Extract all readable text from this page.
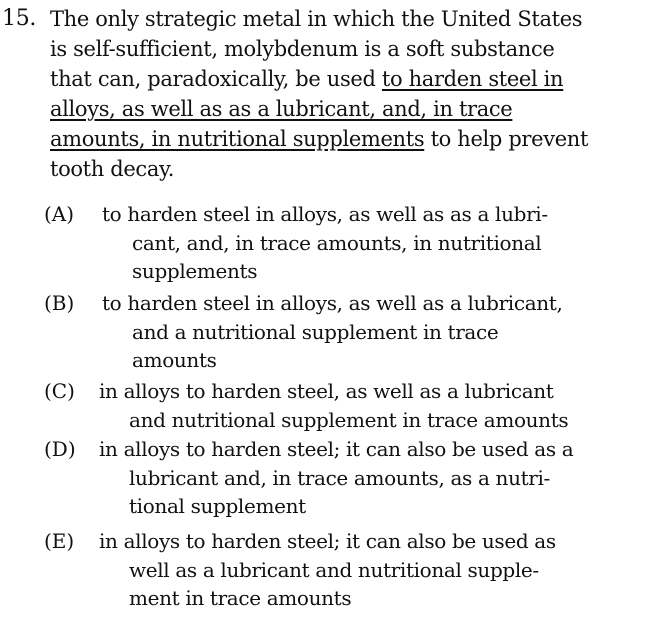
15. The only strategic metal in which the United States
is self-sufficient, molybdenum is a soft substance
that can, paradoxically, be used to harden steel in
alloys, as well as as a lubricant, and, in trace
amounts, in nutritional supplements to help prevent
tooth decay.
(A) to harden steel in alloys, as well as as a lubri-
cant, and, in trace amounts, in nutritional
supplements
(B) to harden steel in alloys, as well as a lubricant,
and a nutritional supplement in trace
amounts
(C) in alloys to harden steel, as well as a lubricant
and nutritional supplement in trace amounts
(D) in alloys to harden steel; it can also be used as a
lubricant and, in trace amounts, as a nutri-
tional supplement
(E) in alloys to harden steel; it can also be used as
well as a lubricant and nutritional supple-
ment in trace amounts
